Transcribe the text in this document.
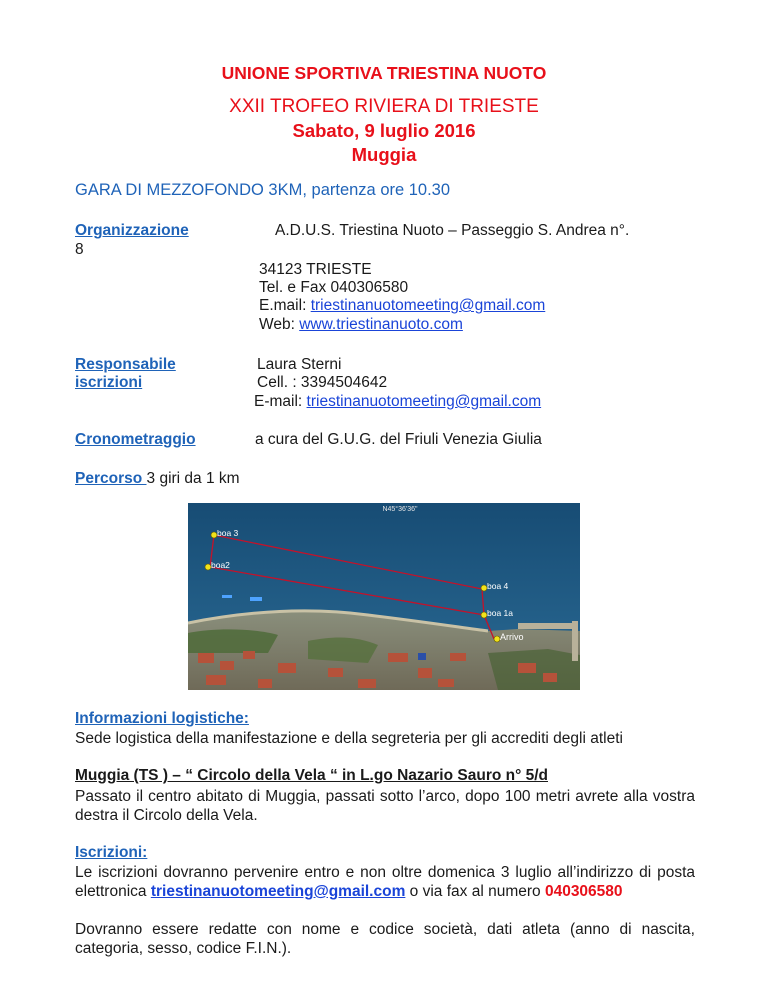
UNIONE SPORTIVA TRIESTINA NUOTO
XXII TROFEO RIVIERA DI TRIESTE
Sabato, 9 luglio 2016
Muggia
GARA DI MEZZOFONDO 3KM, partenza ore 10.30
Organizzazione	A.D.U.S. Triestina Nuoto – Passeggio S. Andrea n°.
8
34123 TRIESTE
Tel. e Fax 040306580
E.mail: triestinanuotomeeting@gmail.com
Web: www.triestinanuoto.com
Responsabile
iscrizioni
Laura Sterni
Cell. : 3394504642
E-mail: triestinanuotomeeting@gmail.com
Cronometraggio	a cura del G.U.G. del Friuli Venezia Giulia
Percorso 3 giri da 1 km
N45°36'36"
boa 3
boa2
boa 4
boa 1a
Arrivo
Informazioni logistiche:
Sede logistica della manifestazione e della segreteria per gli accrediti degli atleti
Muggia (TS ) – “ Circolo della Vela “ in L.go Nazario Sauro n° 5/d
Passato il centro abitato di Muggia, passati sotto l’arco, dopo 100 metri avrete alla vostra destra il Circolo della Vela.
Iscrizioni:
Le iscrizioni dovranno pervenire entro e non oltre domenica 3 luglio all’indirizzo di posta elettronica triestinanuotomeeting@gmail.com o via fax al numero 040306580
Dovranno essere redatte con nome e codice società, dati atleta (anno di nascita, categoria, sesso, codice F.I.N.).
